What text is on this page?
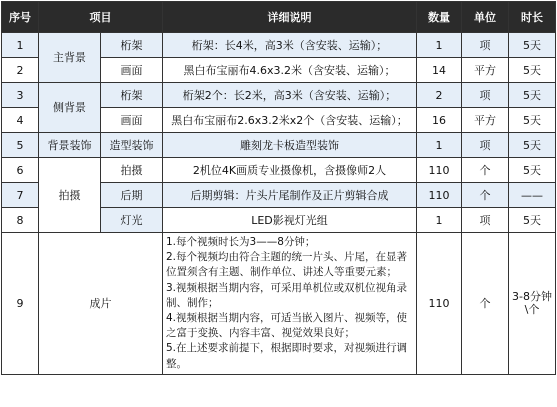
序号	项目		详细说明	数量	单位	时长
1	主背景	桁架	桁架：长4米，高3米（含安装、运输）；	1	项	5天
2		画面	黑白布宝丽布4.6x3.2米（含安装、运输）；	14	平方	5天
3	侧背景	桁架	桁架2个：长2米，高3米（含安装、运输）；	2	项	5天
4		画面	黑白布宝丽布2.6x3.2米x2个（含安装、运输）；	16	平方	5天
5	背景装饰	造型装饰	雕刻龙卡板造型装饰	1	项	5天
6	拍摄	拍摄	2机位4K画质专业摄像机，含摄像师2人	110	个	5天
7		后期	后期剪辑：片头片尾制作及正片剪辑合成	110	个	——
8		灯光	LED影视灯光组	1	项	5天
9	成片		1.每个视频时长为3——8分钟；
2.每个视频均由符合主题的统一片头、片尾，在显著位置须含有主题、制作单位、讲述人等重要元素；
3.视频根据当期内容，可采用单机位或双机位视角录制、制作；
4.视频根据当期内容，可适当嵌入图片、视频等，使之富于变换、内容丰富、视觉效果良好；
5.在上述要求前提下，根据即时要求，对视频进行调整。	110	个	3-8分钟\个
